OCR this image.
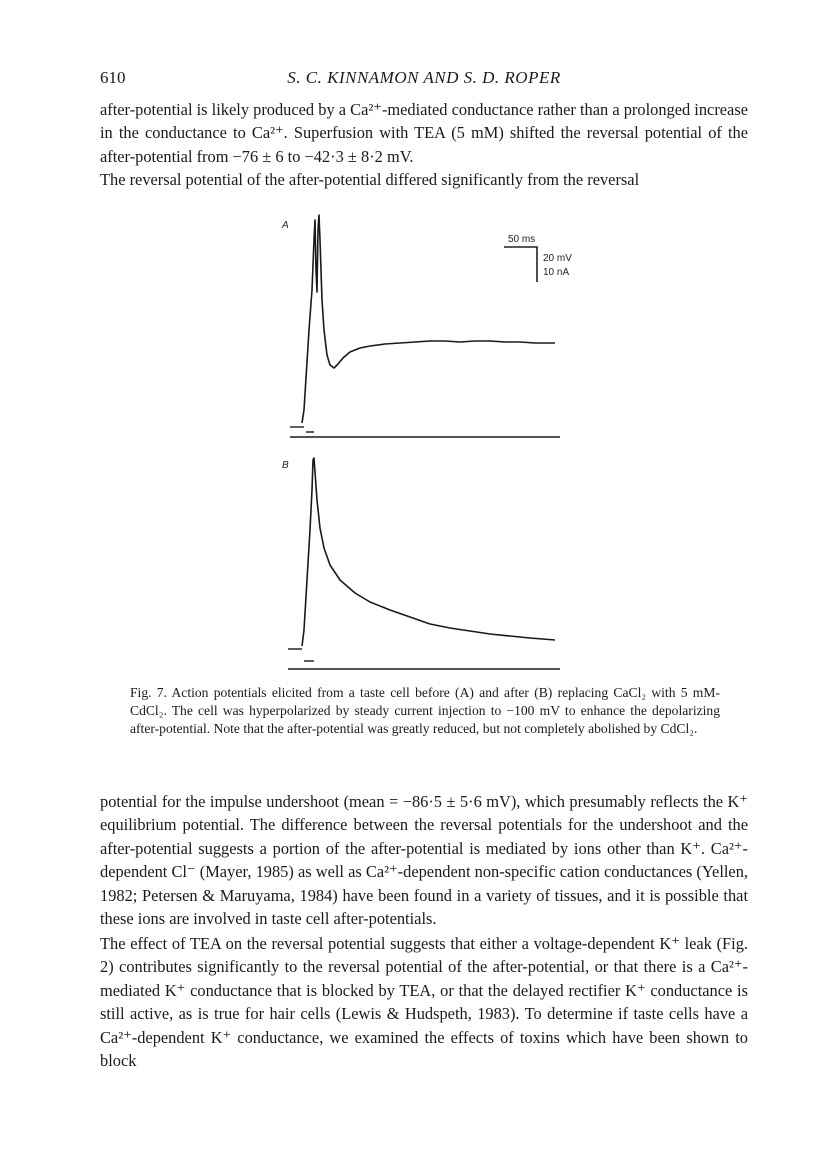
610	S. C. KINNAMON AND S. D. ROPER

after-potential is likely produced by a Ca²⁺-mediated conductance rather than a prolonged increase in the conductance to Ca²⁺. Superfusion with TEA (5 mM) shifted the reversal potential of the after-potential from −76 ± 6 to −42·3 ± 8·2 mV.

The reversal potential of the after-potential differed significantly from the reversal

A
50 ms
20 mV
10 nA
B

Fig. 7. Action potentials elicited from a taste cell before (A) and after (B) replacing CaCl₂ with 5 mM-CdCl₂. The cell was hyperpolarized by steady current injection to −100 mV to enhance the depolarizing after-potential. Note that the after-potential was greatly reduced, but not completely abolished by CdCl₂.

potential for the impulse undershoot (mean = −86·5 ± 5·6 mV), which presumably reflects the K⁺ equilibrium potential. The difference between the reversal potentials for the undershoot and the after-potential suggests a portion of the after-potential is mediated by ions other than K⁺. Ca²⁺-dependent Cl⁻ (Mayer, 1985) as well as Ca²⁺-dependent non-specific cation conductances (Yellen, 1982; Petersen & Maruyama, 1984) have been found in a variety of tissues, and it is possible that these ions are involved in taste cell after-potentials.

The effect of TEA on the reversal potential suggests that either a voltage-dependent K⁺ leak (Fig. 2) contributes significantly to the reversal potential of the after-potential, or that there is a Ca²⁺-mediated K⁺ conductance that is blocked by TEA, or that the delayed rectifier K⁺ conductance is still active, as is true for hair cells (Lewis & Hudspeth, 1983). To determine if taste cells have a Ca²⁺-dependent K⁺ conductance, we examined the effects of toxins which have been shown to block
